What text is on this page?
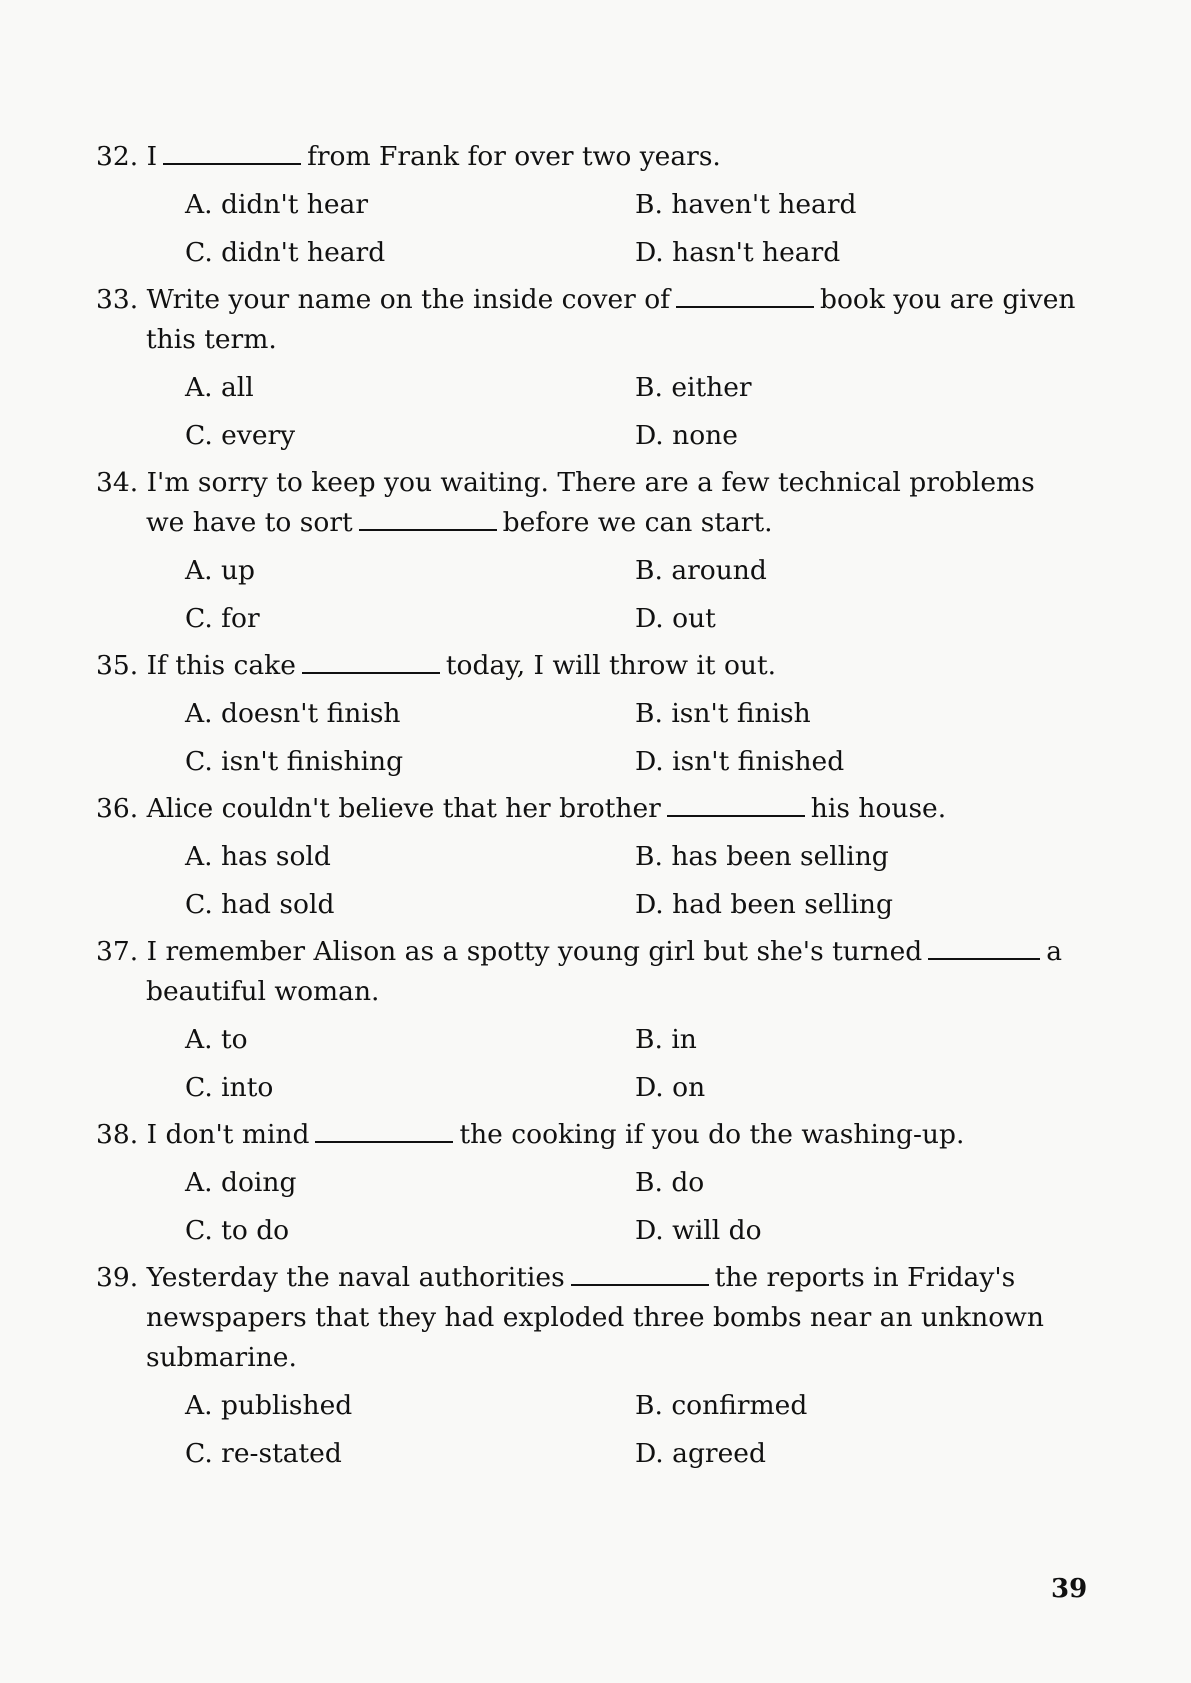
32. I	from Frank for over two years.
A. didn't hear	B. haven't heard
C. didn't heard	D. hasn't heard
33. Write your name on the inside cover of	book you are given this term.
A. all	B. either
C. every	D. none
34. I'm sorry to keep you waiting. There are a few technical problems we have to sort	before we can start.
A. up	B. around
C. for	D. out
35. If this cake	today, I will throw it out.
A. doesn't finish	B. isn't finish
C. isn't finishing	D. isn't finished
36. Alice couldn't believe that her brother	his house.
A. has sold	B. has been selling
C. had sold	D. had been selling
37. I remember Alison as a spotty young girl but she's turned	a beautiful woman.
A. to	B. in
C. into	D. on
38. I don't mind	the cooking if you do the washing-up.
A. doing	B. do
C. to do	D. will do
39. Yesterday the naval authorities	the reports in Friday's newspapers that they had exploded three bombs near an unknown submarine.
A. published	B. confirmed
C. re-stated	D. agreed
39
